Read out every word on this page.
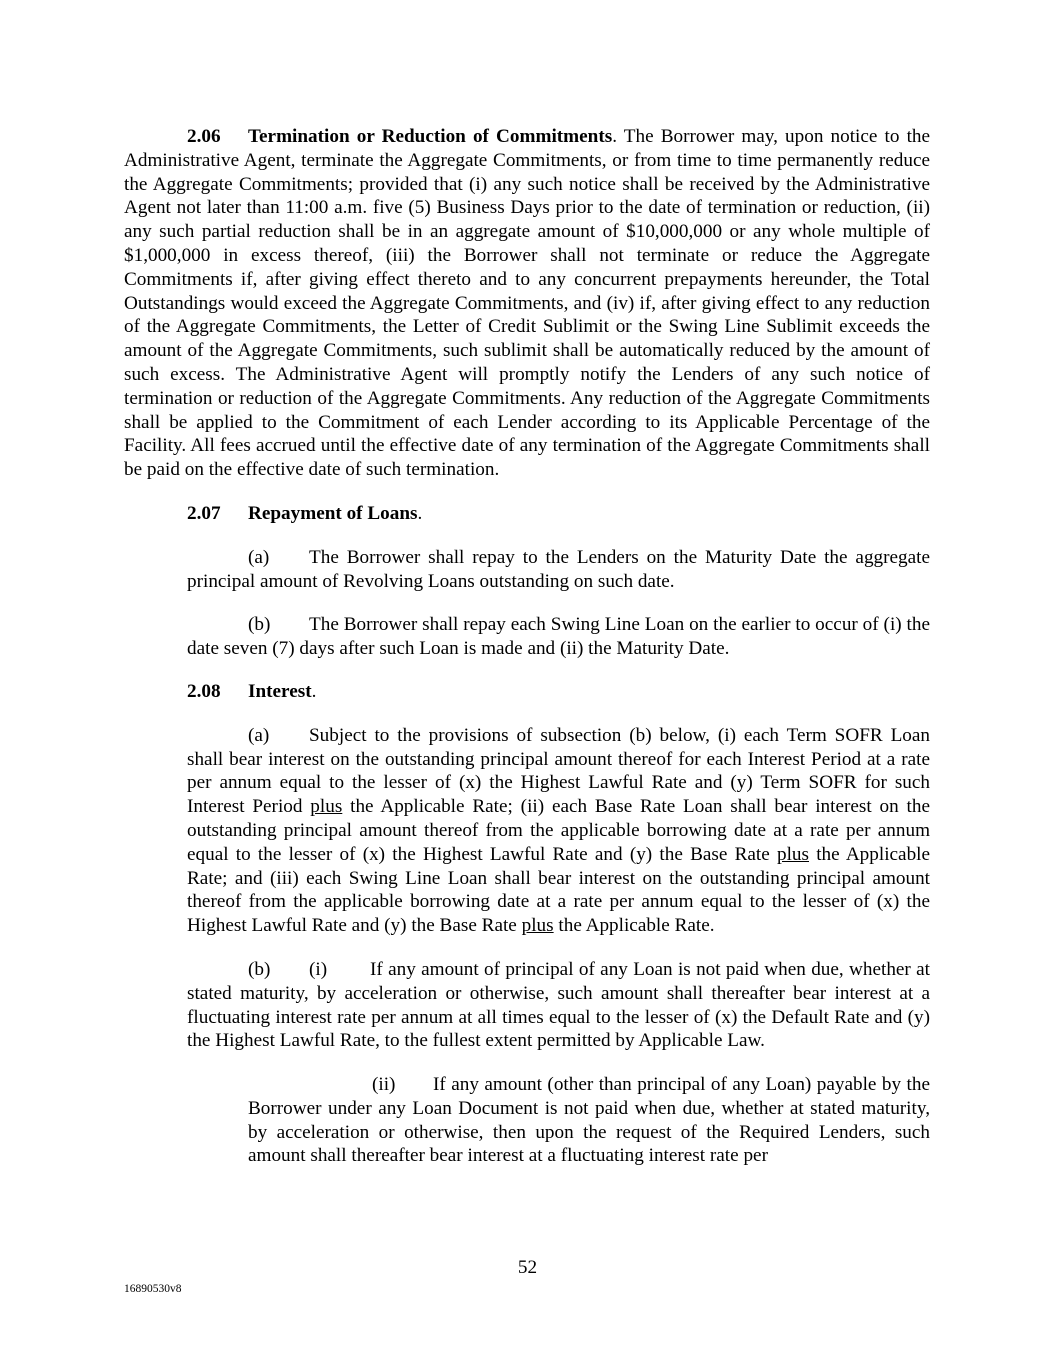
2.06 Termination or Reduction of Commitments. The Borrower may, upon notice to the Administrative Agent, terminate the Aggregate Commitments, or from time to time permanently reduce the Aggregate Commitments; provided that (i) any such notice shall be received by the Administrative Agent not later than 11:00 a.m. five (5) Business Days prior to the date of termination or reduction, (ii) any such partial reduction shall be in an aggregate amount of $10,000,000 or any whole multiple of $1,000,000 in excess thereof, (iii) the Borrower shall not terminate or reduce the Aggregate Commitments if, after giving effect thereto and to any concurrent prepayments hereunder, the Total Outstandings would exceed the Aggregate Commitments, and (iv) if, after giving effect to any reduction of the Aggregate Commitments, the Letter of Credit Sublimit or the Swing Line Sublimit exceeds the amount of the Aggregate Commitments, such sublimit shall be automatically reduced by the amount of such excess. The Administrative Agent will promptly notify the Lenders of any such notice of termination or reduction of the Aggregate Commitments. Any reduction of the Aggregate Commitments shall be applied to the Commitment of each Lender according to its Applicable Percentage of the Facility. All fees accrued until the effective date of any termination of the Aggregate Commitments shall be paid on the effective date of such termination.

2.07 Repayment of Loans.

(a) The Borrower shall repay to the Lenders on the Maturity Date the aggregate principal amount of Revolving Loans outstanding on such date.

(b) The Borrower shall repay each Swing Line Loan on the earlier to occur of (i) the date seven (7) days after such Loan is made and (ii) the Maturity Date.

2.08 Interest.

(a) Subject to the provisions of subsection (b) below, (i) each Term SOFR Loan shall bear interest on the outstanding principal amount thereof for each Interest Period at a rate per annum equal to the lesser of (x) the Highest Lawful Rate and (y) Term SOFR for such Interest Period plus the Applicable Rate; (ii) each Base Rate Loan shall bear interest on the outstanding principal amount thereof from the applicable borrowing date at a rate per annum equal to the lesser of (x) the Highest Lawful Rate and (y) the Base Rate plus the Applicable Rate; and (iii) each Swing Line Loan shall bear interest on the outstanding principal amount thereof from the applicable borrowing date at a rate per annum equal to the lesser of (x) the Highest Lawful Rate and (y) the Base Rate plus the Applicable Rate.

(b) (i) If any amount of principal of any Loan is not paid when due, whether at stated maturity, by acceleration or otherwise, such amount shall thereafter bear interest at a fluctuating interest rate per annum at all times equal to the lesser of (x) the Default Rate and (y) the Highest Lawful Rate, to the fullest extent permitted by Applicable Law.

(ii) If any amount (other than principal of any Loan) payable by the Borrower under any Loan Document is not paid when due, whether at stated maturity, by acceleration or otherwise, then upon the request of the Required Lenders, such amount shall thereafter bear interest at a fluctuating interest rate per

52
16890530v8
